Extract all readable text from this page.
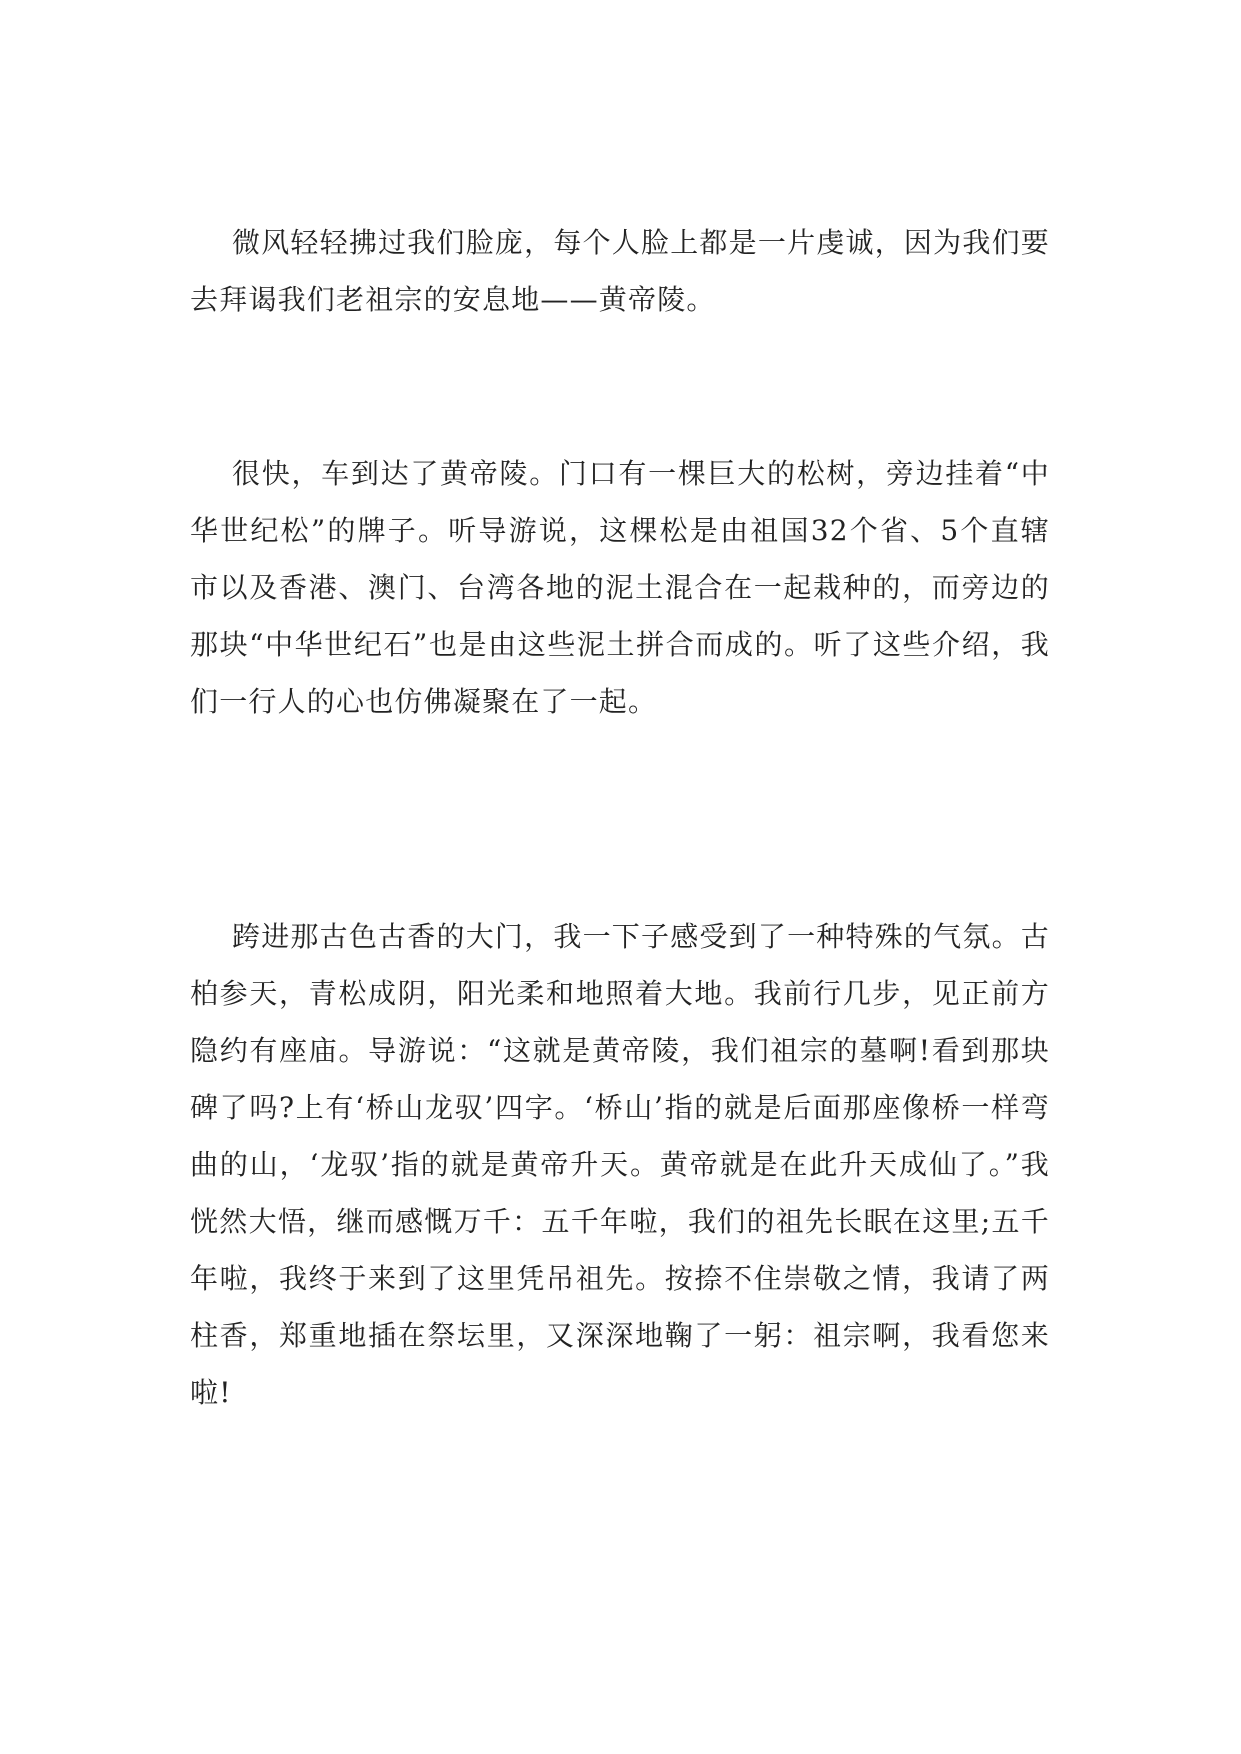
微风轻轻拂过我们脸庞，每个人脸上都是一片虔诚，因为我们要去拜谒我们老祖宗的安息地——黄帝陵。

很快，车到达了黄帝陵。门口有一棵巨大的松树，旁边挂着“中华世纪松”的牌子。听导游说，这棵松是由祖国32个省、5个直辖市以及香港、澳门、台湾各地的泥土混合在一起栽种的，而旁边的那块“中华世纪石”也是由这些泥土拼合而成的。听了这些介绍，我们一行人的心也仿佛凝聚在了一起。

跨进那古色古香的大门，我一下子感受到了一种特殊的气氛。古柏参天，青松成阴，阳光柔和地照着大地。我前行几步，见正前方隐约有座庙。导游说：“这就是黄帝陵，我们祖宗的墓啊!看到那块碑了吗?上有‘桥山龙驭’四字。‘桥山’指的就是后面那座像桥一样弯曲的山，‘龙驭’指的就是黄帝升天。黄帝就是在此升天成仙了。”我恍然大悟，继而感慨万千：五千年啦，我们的祖先长眠在这里;五千年啦，我终于来到了这里凭吊祖先。按捺不住崇敬之情，我请了两柱香，郑重地插在祭坛里，又深深地鞠了一躬：祖宗啊，我看您来啦!
